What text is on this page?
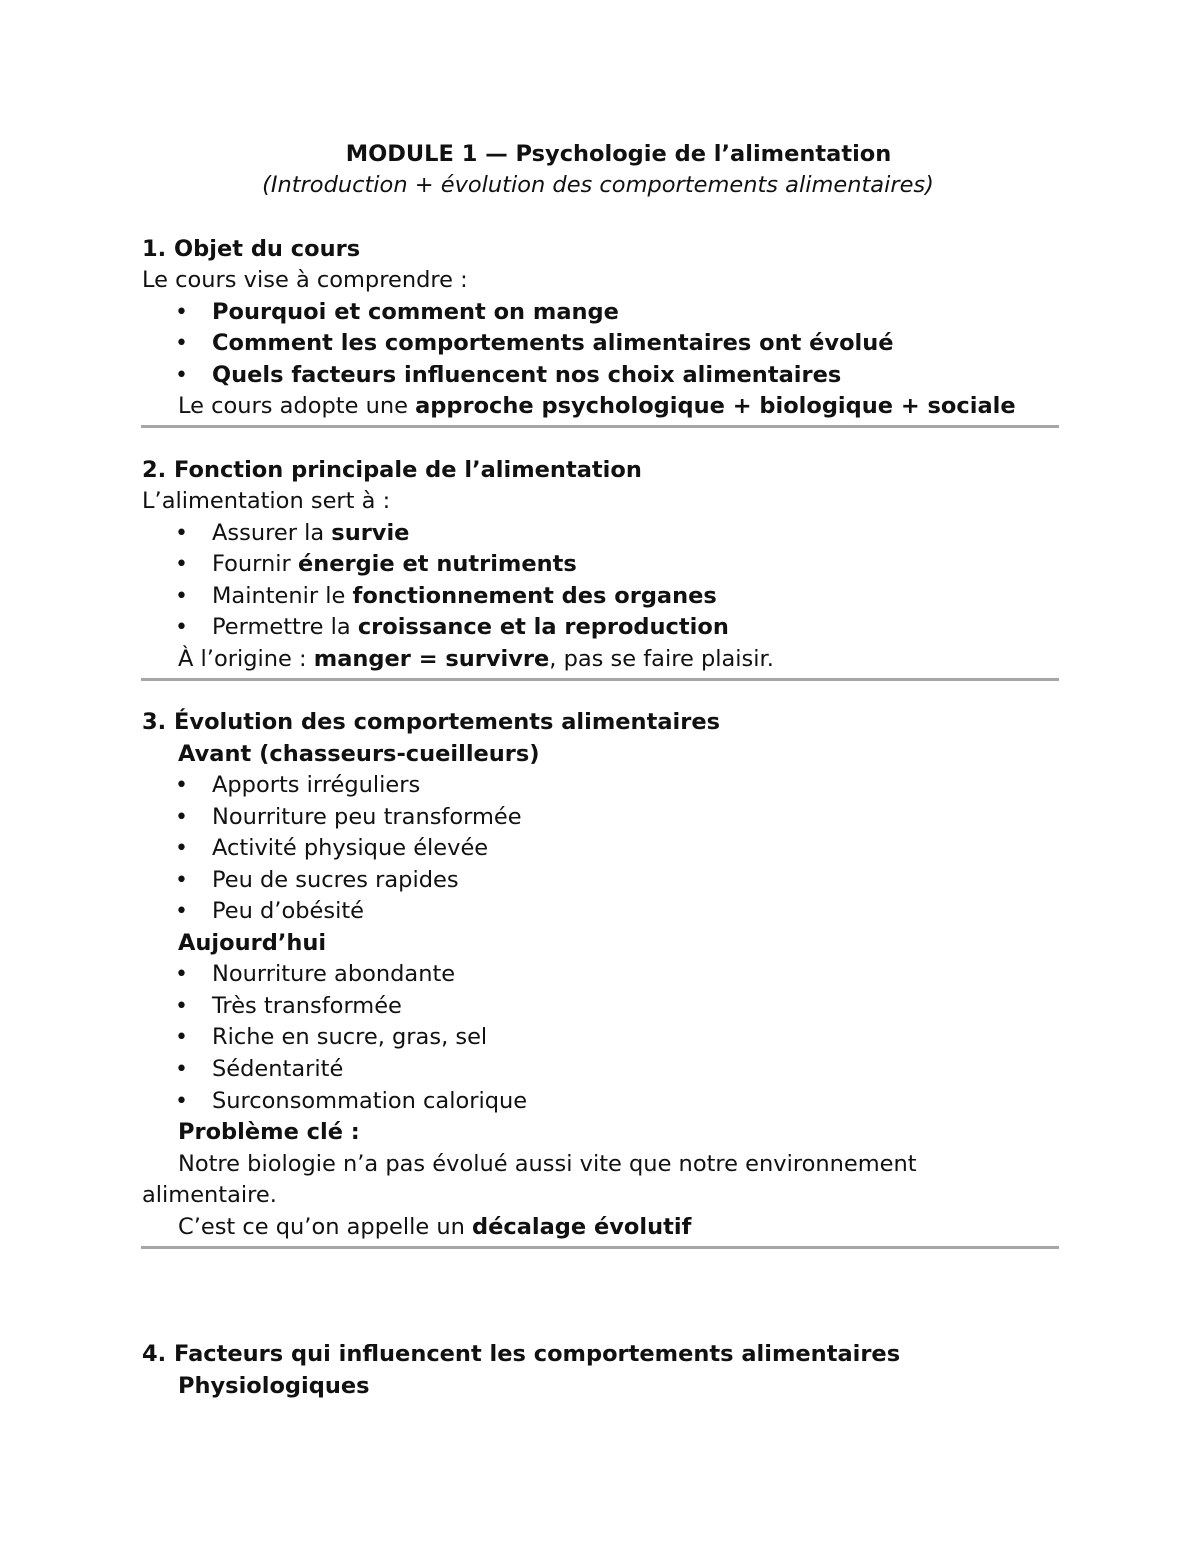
MODULE 1 — Psychologie de l’alimentation
(Introduction + évolution des comportements alimentaires)
1. Objet du cours
Le cours vise à comprendre :
• Pourquoi et comment on mange
• Comment les comportements alimentaires ont évolué
• Quels facteurs influencent nos choix alimentaires
Le cours adopte une approche psychologique + biologique + sociale
2. Fonction principale de l’alimentation
L’alimentation sert à :
• Assurer la survie
• Fournir énergie et nutriments
• Maintenir le fonctionnement des organes
• Permettre la croissance et la reproduction
À l’origine : manger = survivre, pas se faire plaisir.
3. Évolution des comportements alimentaires
Avant (chasseurs-cueilleurs)
• Apports irréguliers
• Nourriture peu transformée
• Activité physique élevée
• Peu de sucres rapides
• Peu d’obésité
Aujourd’hui
• Nourriture abondante
• Très transformée
• Riche en sucre, gras, sel
• Sédentarité
• Surconsommation calorique
Problème clé :
Notre biologie n’a pas évolué aussi vite que notre environnement
alimentaire.
C’est ce qu’on appelle un décalage évolutif
4. Facteurs qui influencent les comportements alimentaires
Physiologiques
